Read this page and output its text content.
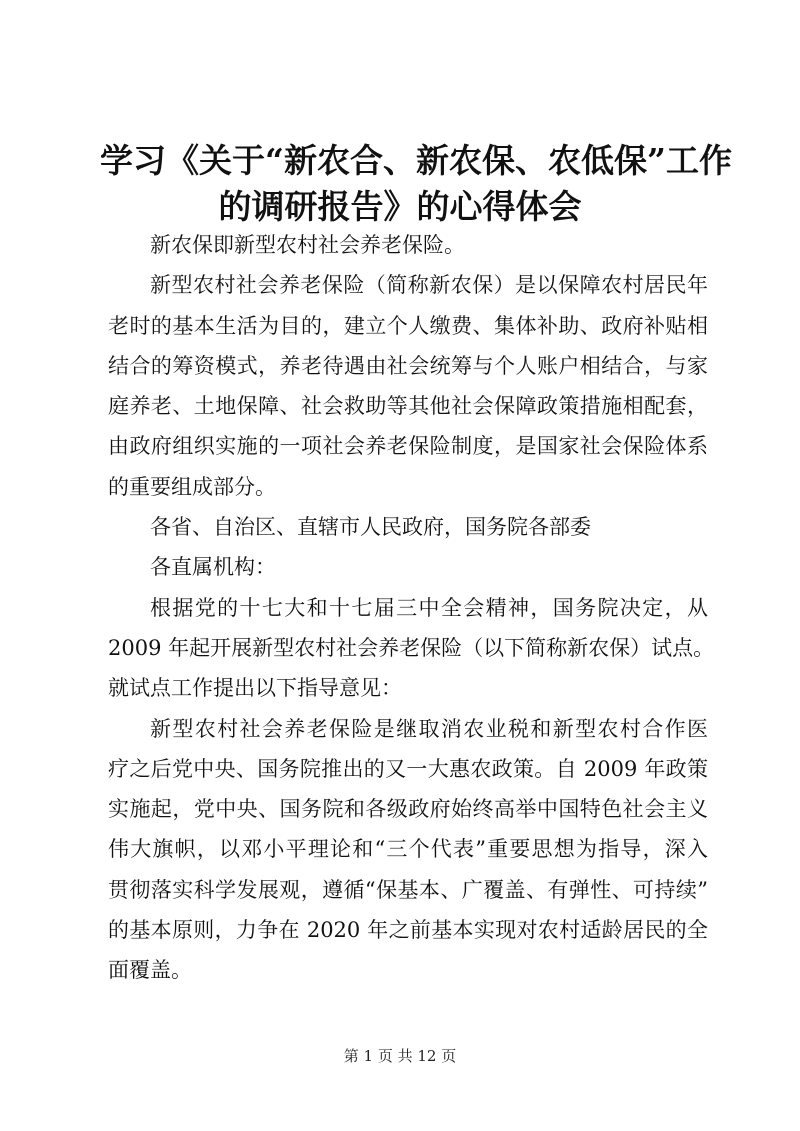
学习《关于“新农合、新农保、农低保”工作
的调研报告》的心得体会

新农保即新型农村社会养老保险。

新型农村社会养老保险（简称新农保）是以保障农村居民年
老时的基本生活为目的，建立个人缴费、集体补助、政府补贴相
结合的筹资模式，养老待遇由社会统筹与个人账户相结合，与家
庭养老、土地保障、社会救助等其他社会保障政策措施相配套，
由政府组织实施的一项社会养老保险制度，是国家社会保险体系
的重要组成部分。

各省、自治区、直辖市人民政府，国务院各部委

各直属机构：

根据党的十七大和十七届三中全会精神，国务院决定，从
2009 年起开展新型农村社会养老保险（以下简称新农保）试点。
就试点工作提出以下指导意见：

新型农村社会养老保险是继取消农业税和新型农村合作医
疗之后党中央、国务院推出的又一大惠农政策。自 2009 年政策
实施起，党中央、国务院和各级政府始终高举中国特色社会主义
伟大旗帜，以邓小平理论和“三个代表”重要思想为指导，深入
贯彻落实科学发展观，遵循“保基本、广覆盖、有弹性、可持续”
的基本原则，力争在 2020 年之前基本实现对农村适龄居民的全
面覆盖。

第 1 页 共 12 页
